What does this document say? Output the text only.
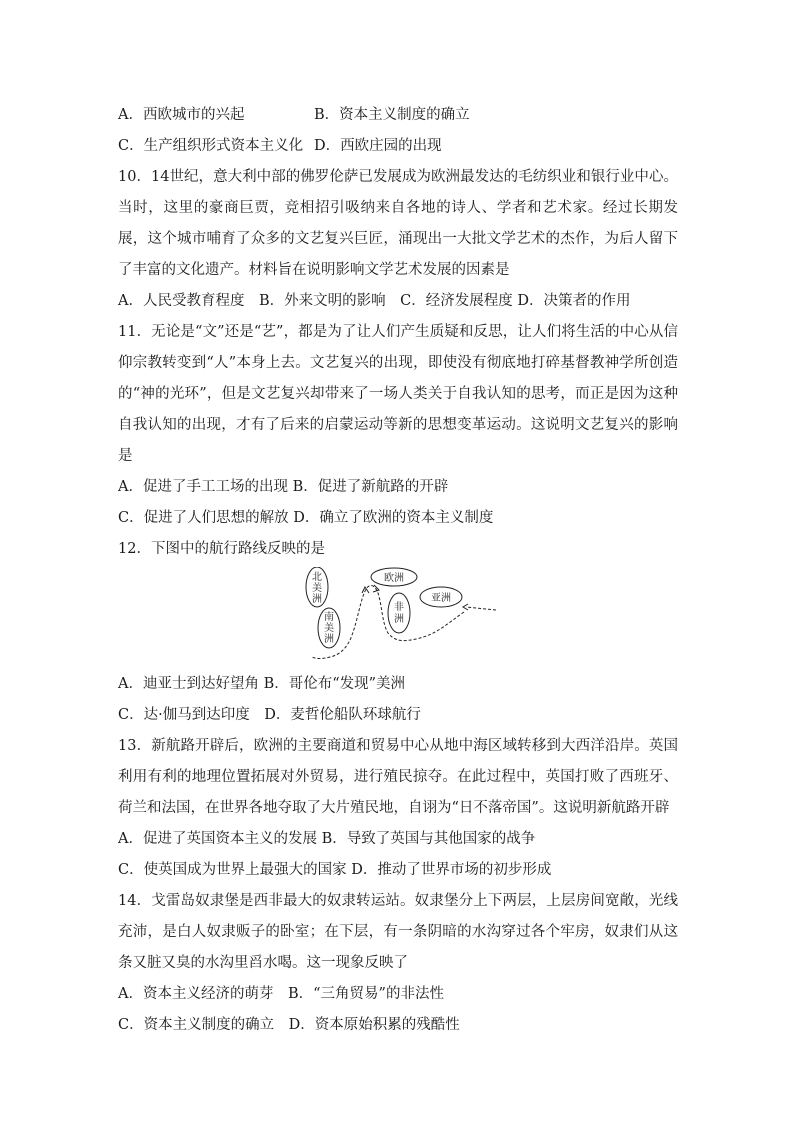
A．西欧城市的兴起	B．资本主义制度的确立
C．生产组织形式资本主义化 D．西欧庄园的出现
10．14世纪，意大利中部的佛罗伦萨已发展成为欧洲最发达的毛纺织业和银行业中心。当时，这里的豪商巨贾，竞相招引吸纳来自各地的诗人、学者和艺术家。经过长期发展，这个城市哺育了众多的文艺复兴巨匠，涌现出一大批文学艺术的杰作，为后人留下了丰富的文化遗产。材料旨在说明影响文学艺术发展的因素是
A．人民受教育程度　B．外来文明的影响　C．经济发展程度 D．决策者的作用
11．无论是“文”还是“艺”，都是为了让人们产生质疑和反思，让人们将生活的中心从信仰宗教转变到“人”本身上去。文艺复兴的出现，即使没有彻底地打碎基督教神学所创造的“神的光环”，但是文艺复兴却带来了一场人类关于自我认知的思考，而正是因为这种自我认知的出现，才有了后来的启蒙运动等新的思想变革运动。这说明文艺复兴的影响是
A．促进了手工工场的出现 B．促进了新航路的开辟
C．促进了人们思想的解放 D．确立了欧洲的资本主义制度
12．下图中的航行路线反映的是
北
美
洲
南
美
洲
欧洲
非
洲
亚洲
A．迪亚士到达好望角 B．哥伦布“发现”美洲
C．达·伽马到达印度　D．麦哲伦船队环球航行
13．新航路开辟后，欧洲的主要商道和贸易中心从地中海区域转移到大西洋沿岸。英国利用有利的地理位置拓展对外贸易，进行殖民掠夺。在此过程中，英国打败了西班牙、荷兰和法国，在世界各地夺取了大片殖民地，自诩为“日不落帝国”。这说明新航路开辟
A．促进了英国资本主义的发展 B．导致了英国与其他国家的战争
C．使英国成为世界上最强大的国家 D．推动了世界市场的初步形成
14．戈雷岛奴隶堡是西非最大的奴隶转运站。奴隶堡分上下两层，上层房间宽敞，光线充沛，是白人奴隶贩子的卧室；在下层，有一条阴暗的水沟穿过各个牢房，奴隶们从这条又脏又臭的水沟里舀水喝。这一现象反映了
A．资本主义经济的萌芽　B．“三角贸易”的非法性
C．资本主义制度的确立　D．资本原始积累的残酷性
